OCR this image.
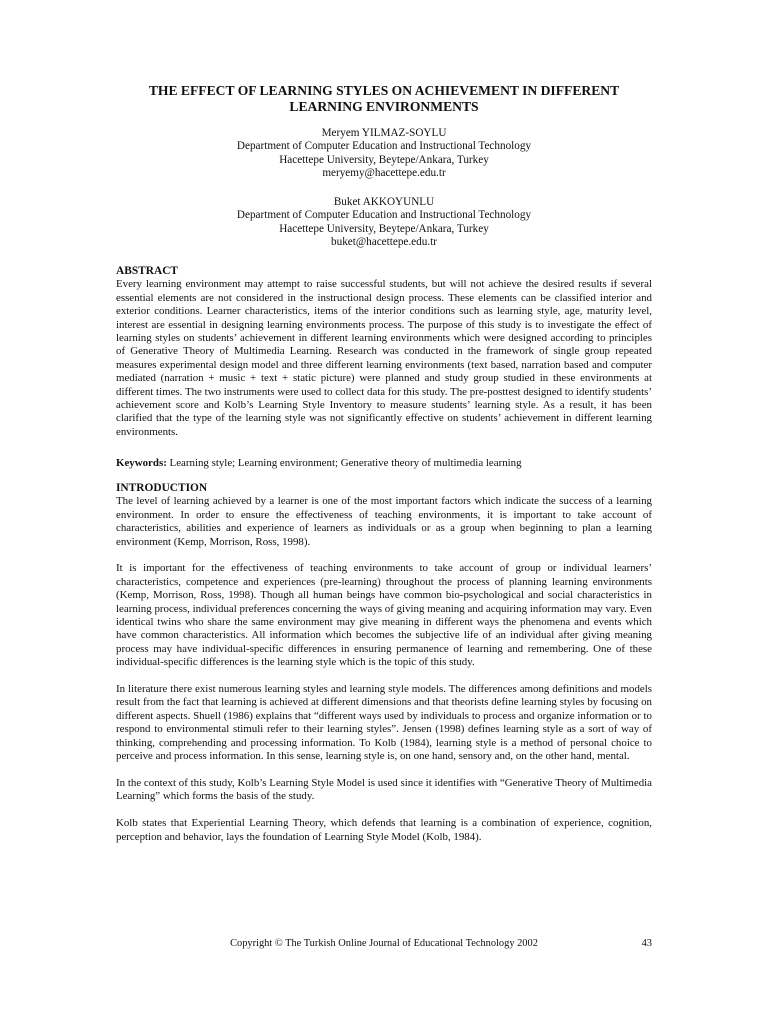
THE EFFECT OF LEARNING STYLES ON ACHIEVEMENT IN DIFFERENT
LEARNING ENVIRONMENTS
Meryem YILMAZ-SOYLU
Department of Computer Education and Instructional Technology
Hacettepe University, Beytepe/Ankara, Turkey
meryemy@hacettepe.edu.tr
Buket AKKOYUNLU
Department of Computer Education and Instructional Technology
Hacettepe University, Beytepe/Ankara, Turkey
buket@hacettepe.edu.tr
ABSTRACT

Every learning environment may attempt to raise successful students, but will not achieve the desired results if several essential elements are not considered in the instructional design process. These elements can be classified interior and exterior conditions. Learner characteristics, items of the interior conditions such as learning style, age, maturity level, interest are essential in designing learning environments process. The purpose of this study is to investigate the effect of learning styles on students’ achievement in different learning environments which were designed according to principles of Generative Theory of Multimedia Learning. Research was conducted in the framework of single group repeated measures experimental design model and three different learning environments (text based, narration based and computer mediated (narration + music + text + static picture) were planned and study group studied in these environments at different times. The two instruments were used to collect data for this study. The pre-posttest designed to identify students’ achievement score and Kolb’s Learning Style Inventory to measure students’ learning style. As a result, it has been clarified that the type of the learning style was not significantly effective on students’ achievement in different learning environments.

Keywords: Learning style; Learning environment; Generative theory of multimedia learning

INTRODUCTION

The level of learning achieved by a learner is one of the most important factors which indicate the success of a learning environment. In order to ensure the effectiveness of teaching environments, it is important to take account of characteristics, abilities and experience of learners as individuals or as a group when beginning to plan a learning environment (Kemp, Morrison, Ross, 1998).

It is important for the effectiveness of teaching environments to take account of group or individual learners’ characteristics, competence and experiences (pre-learning) throughout the process of planning learning environments (Kemp, Morrison, Ross, 1998). Though all human beings have common bio-psychological and social characteristics in learning process, individual preferences concerning the ways of giving meaning and acquiring information may vary. Even identical twins who share the same environment may give meaning in different ways the phenomena and events which have common characteristics. All information which becomes the subjective life of an individual after giving meaning process may have individual-specific differences in ensuring permanence of learning and remembering. One of these individual-specific differences is the learning style which is the topic of this study.

In literature there exist numerous learning styles and learning style models. The differences among definitions and models result from the fact that learning is achieved at different dimensions and that theorists define learning styles by focusing on different aspects. Shuell (1986) explains that “different ways used by individuals to process and organize information or to respond to environmental stimuli refer to their learning styles”. Jensen (1998) defines learning style as a sort of way of thinking, comprehending and processing information. To Kolb (1984), learning style is a method of personal choice to perceive and process information. In this sense, learning style is, on one hand, sensory and, on the other hand, mental.

In the context of this study, Kolb’s Learning Style Model is used since it identifies with “Generative Theory of Multimedia Learning” which forms the basis of the study.

Kolb states that Experiential Learning Theory, which defends that learning is a combination of experience, cognition, perception and behavior, lays the foundation of Learning Style Model (Kolb, 1984).

Copyright © The Turkish Online Journal of Educational Technology 2002	43
